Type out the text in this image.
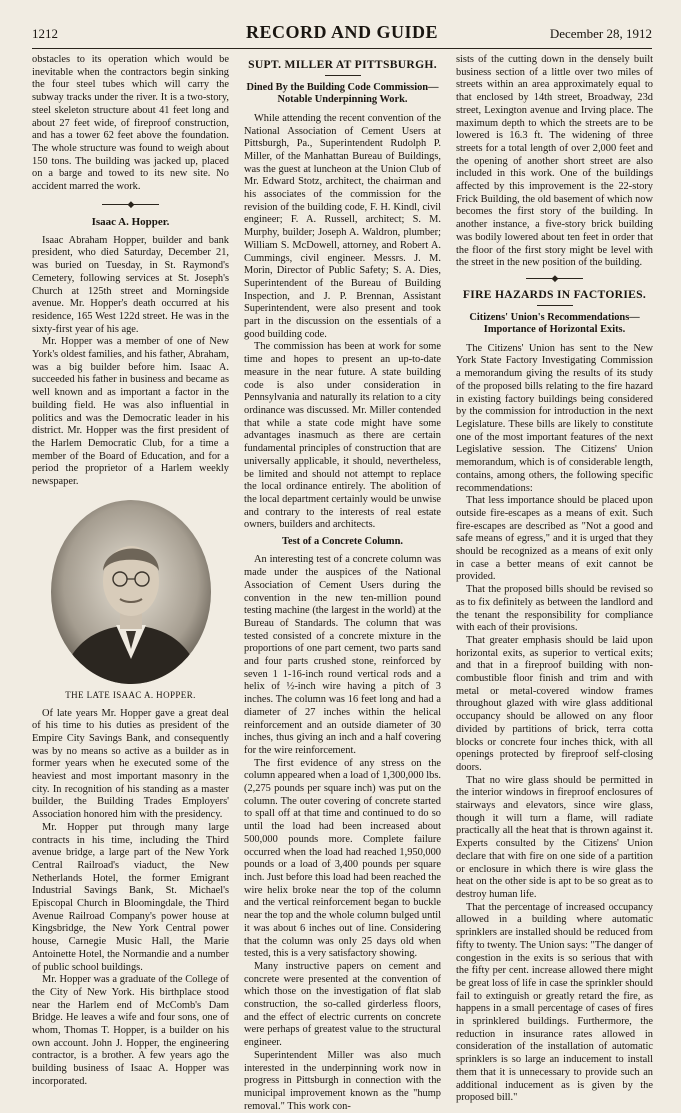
1212	RECORD AND GUIDE	December 28, 1912

obstacles to its operation which would be inevitable when the contractors begin sinking the four steel tubes which will carry the subway tracks under the river. It is a two-story, steel skeleton structure about 41 feet long and about 27 feet wide, of fireproof construction, and has a tower 62 feet above the foundation. The whole structure was found to weigh about 150 tons. The building was jacked up, placed on a barge and towed to its new site. No accident marred the work.

◆
Isaac A. Hopper.

Isaac Abraham Hopper, builder and bank president, who died Saturday, December 21, was buried on Tuesday, in St. Raymond's Cemetery, following services at St. Joseph's Church at 125th street and Morningside avenue. Mr. Hopper's death occurred at his residence, 165 West 122d street. He was in the sixty-first year of his age.

Mr. Hopper was a member of one of New York's oldest families, and his father, Abraham, was a big builder before him. Isaac A. succeeded his father in business and became as well known and as important a factor in the building field. He was also influential in politics and was the Democratic leader in his district. Mr. Hopper was the first president of the Harlem Democratic Club, for a time a member of the Board of Education, and for a period the proprietor of a Harlem weekly newspaper.

THE LATE ISAAC A. HOPPER.

Of late years Mr. Hopper gave a great deal of his time to his duties as president of the Empire City Savings Bank, and consequently was by no means so active as a builder as in former years when he executed some of the heaviest and most important masonry in the city. In recognition of his standing as a master builder, the Building Trades Employers' Association honored him with the presidency.

Mr. Hopper put through many large contracts in his time, including the Third avenue bridge, a large part of the New York Central Railroad's viaduct, the New Netherlands Hotel, the former Emigrant Industrial Savings Bank, St. Michael's Episcopal Church in Bloomingdale, the Third Avenue Railroad Company's power house at Kingsbridge, the New York Central power house, Carnegie Music Hall, the Marie Antoinette Hotel, the Normandie and a number of public school buildings.

Mr. Hopper was a graduate of the College of the City of New York. His birthplace stood near the Harlem end of McComb's Dam Bridge. He leaves a wife and four sons, one of whom, Thomas T. Hopper, is a builder on his own account. John J. Hopper, the engineering contractor, is a brother. A few years ago the building business of Isaac A. Hopper was incorporated.

SUPT. MILLER AT PITTSBURGH.
Dined By the Building Code Commission—Notable Underpinning Work.

While attending the recent convention of the National Association of Cement Users at Pittsburgh, Pa., Superintendent Rudolph P. Miller, of the Manhattan Bureau of Buildings, was the guest at luncheon at the Union Club of Mr. Edward Stotz, architect, the chairman and his associates of the commission for the revision of the building code, F. H. Kindl, civil engineer; F. A. Russell, architect; S. M. Murphy, builder; Joseph A. Waldron, plumber; William S. McDowell, attorney, and Robert A. Cummings, civil engineer. Messrs. J. M. Morin, Director of Public Safety; S. A. Dies, Superintendent of the Bureau of Building Inspection, and J. P. Brennan, Assistant Superintendent, were also present and took part in the discussion on the essentials of a good building code.

The commission has been at work for some time and hopes to present an up-to-date measure in the near future. A state building code is also under consideration in Pennsylvania and naturally its relation to a city ordinance was discussed. Mr. Miller contended that while a state code might have some advantages inasmuch as there are certain fundamental principles of construction that are universally applicable, it should, nevertheless, be limited and should not attempt to replace the local ordinance entirely. The abolition of the local department certainly would be unwise and contrary to the interests of real estate owners, builders and architects.

Test of a Concrete Column.

An interesting test of a concrete column was made under the auspices of the National Association of Cement Users during the convention in the new ten-million pound testing machine (the largest in the world) at the Bureau of Standards. The column that was tested consisted of a concrete mixture in the proportions of one part cement, two parts sand and four parts crushed stone, reinforced by seven 1 1-16-inch round vertical rods and a helix of ½-inch wire having a pitch of 3 inches. The column was 16 feet long and had a diameter of 27 inches within the helical reinforcement and an outside diameter of 30 inches, thus giving an inch and a half covering for the wire reinforcement.

The first evidence of any stress on the column appeared when a load of 1,300,000 lbs. (2,275 pounds per square inch) was put on the column. The outer covering of concrete started to spall off at that time and continued to do so until the load had been increased about 500,000 pounds more. Complete failure occurred when the load had reached 1,950,000 pounds or a load of 3,400 pounds per square inch. Just before this load had been reached the wire helix broke near the top of the column and the vertical reinforcement began to buckle near the top and the whole column bulged until it was about 6 inches out of line. Considering that the column was only 25 days old when tested, this is a very satisfactory showing.

Many instructive papers on cement and concrete were presented at the convention of which those on the investigation of flat slab construction, the so-called girderless floors, and the effect of electric currents on concrete were perhaps of greatest value to the structural engineer.

Superintendent Miller was also much interested in the underpinning work now in progress in Pittsburgh in connection with the municipal improvement known as the "hump removal." This work con-

sists of the cutting down in the densely built business section of a little over two miles of streets within an area approximately equal to that enclosed by 14th street, Broadway, 23d street, Lexington avenue and Irving place. The maximum depth to which the streets are to be lowered is 16.3 ft. The widening of three streets for a total length of over 2,000 feet and the opening of another short street are also included in this work. One of the buildings affected by this improvement is the 22-story Frick Building, the old basement of which now becomes the first story of the building. In another instance, a five-story brick building was bodily lowered about ten feet in order that the floor of the first story might be level with the street in the new position of the building.

◆
FIRE HAZARDS IN FACTORIES.
Citizens' Union's Recommendations—Importance of Horizontal Exits.

The Citizens' Union has sent to the New York State Factory Investigating Commission a memorandum giving the results of its study of the proposed bills relating to the fire hazard in existing factory buildings being considered by the commission for introduction in the next Legislature. These bills are likely to constitute one of the most important features of the next Legislative session. The Citizens' Union memorandum, which is of considerable length, contains, among others, the following specific recommendations:

That less importance should be placed upon outside fire-escapes as a means of exit. Such fire-escapes are described as "Not a good and safe means of egress," and it is urged that they should be recognized as a means of exit only in case a better means of exit cannot be provided.

That the proposed bills should be revised so as to fix definitely as between the landlord and the tenant the responsibility for compliance with each of their provisions.

That greater emphasis should be laid upon horizontal exits, as superior to vertical exits; and that in a fireproof building with non-combustible floor finish and trim and with metal or metal-covered window frames throughout glazed with wire glass additional occupancy should be allowed on any floor divided by partitions of brick, terra cotta blocks or concrete four inches thick, with all openings protected by fireproof self-closing doors.

That no wire glass should be permitted in the interior windows in fireproof enclosures of stairways and elevators, since wire glass, though it will turn a flame, will radiate practically all the heat that is thrown against it. Experts consulted by the Citizens' Union declare that with fire on one side of a partition or enclosure in which there is wire glass the heat on the other side is apt to be so great as to destroy human life.

That the percentage of increased occupancy allowed in a building where automatic sprinklers are installed should be reduced from fifty to twenty. The Union says: "The danger of congestion in the exits is so serious that with the fifty per cent. increase allowed there might be great loss of life in case the sprinkler should fail to extinguish or greatly retard the fire, as happens in a small percentage of cases of fires in sprinklered buildings. Furthermore, the reduction in insurance rates allowed in consideration of the installation of automatic sprinklers is so large an inducement to install them that it is unnecessary to provide such an additional inducement as is given by the proposed bill."
